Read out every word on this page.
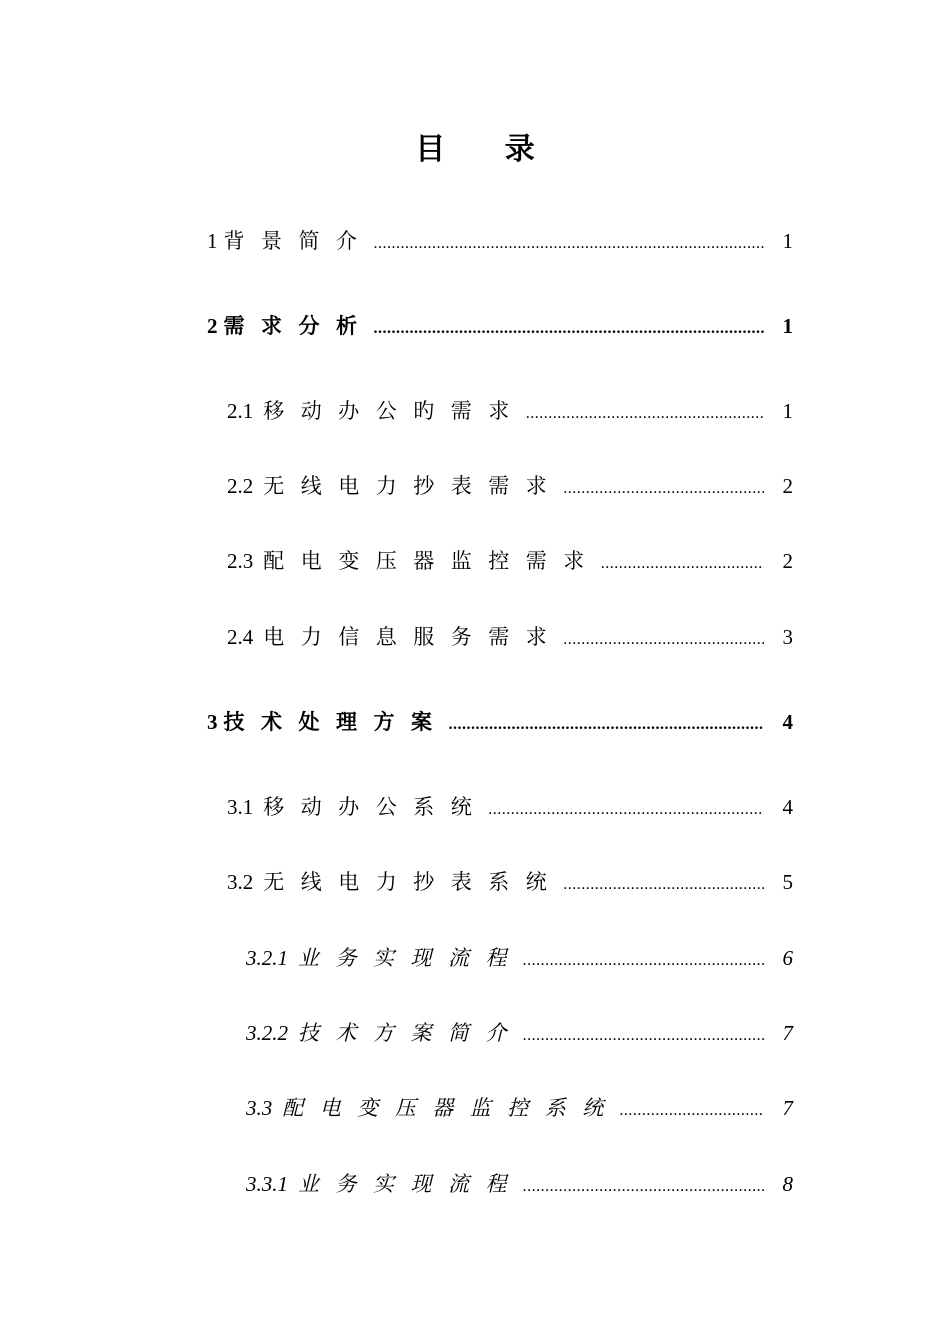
目 录
1 背景简介 .....	1
2 需求分析 .....	1
2.1 移动办公旳需求 .....	1
2.2 无线电力抄表需求 .....	2
2.3 配电变压器监控需求 .....	2
2.4 电力信息服务需求 .....	3
3 技术处理方案 .....	4
3.1 移动办公系统 .....	4
3.2 无线电力抄表系统 .....	5
3.2.1 业务实现流程 .....	6
3.2.2 技术方案简介 .....	7
3.3 配电变压器监控系统 .....	7
3.3.1 业务实现流程 .....	8
